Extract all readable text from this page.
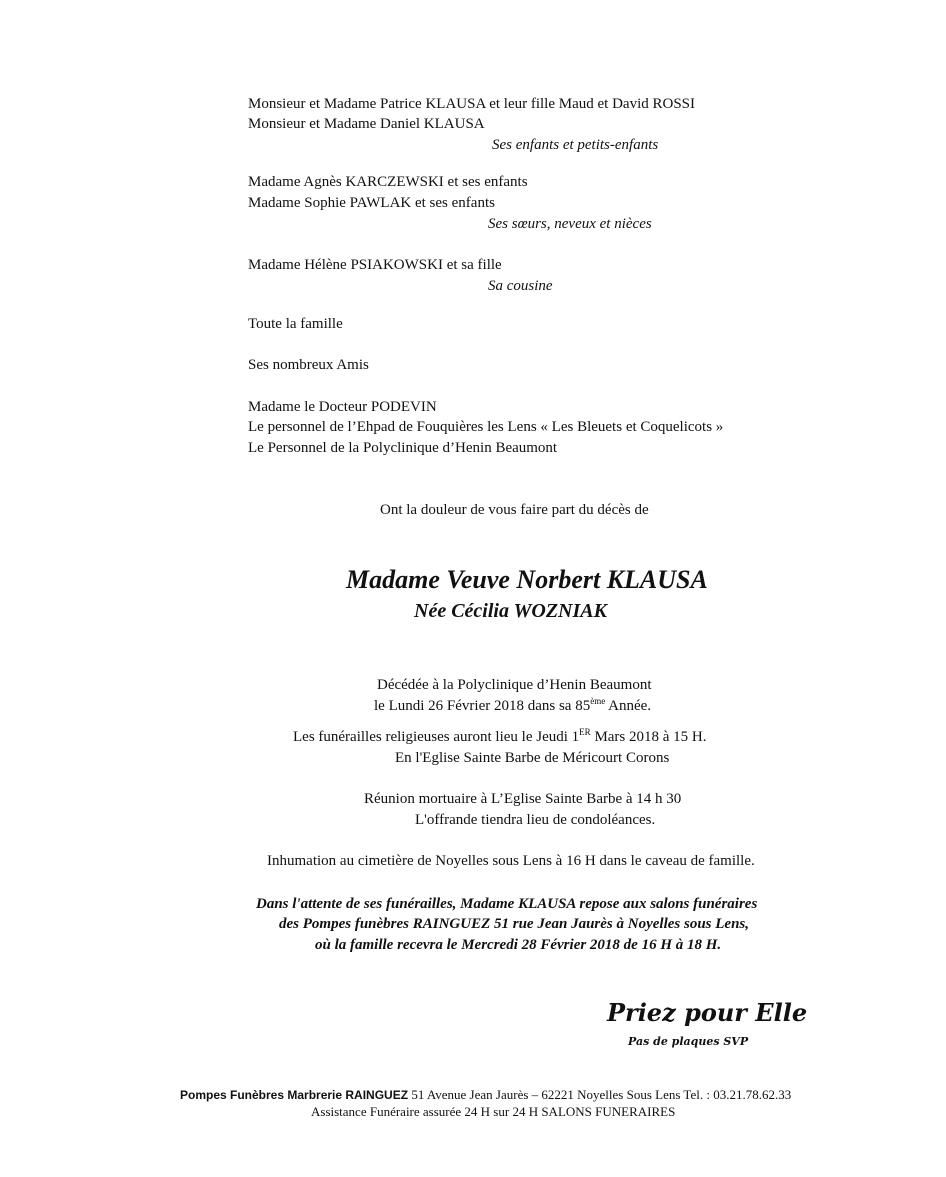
Monsieur et Madame Patrice KLAUSA et leur fille Maud et David ROSSI
Monsieur et Madame Daniel KLAUSA
Ses enfants et petits-enfants
Madame Agnès KARCZEWSKI et ses enfants
Madame Sophie PAWLAK et ses enfants
Ses sœurs, neveux et nièces
Madame Hélène PSIAKOWSKI et sa fille
Sa cousine
Toute la famille
Ses nombreux Amis
Madame le Docteur PODEVIN
Le personnel de l’Ehpad de Fouquières les Lens « Les Bleuets et Coquelicots »
Le Personnel de la Polyclinique d’Henin Beaumont
Ont la douleur de vous faire part du décès de
Madame Veuve Norbert KLAUSA
Née Cécilia WOZNIAK
Décédée à la Polyclinique d’Henin Beaumont
le Lundi 26 Février 2018 dans sa 85ème Année.
Les funérailles religieuses auront lieu le Jeudi 1ER Mars 2018 à 15 H.
En l'Eglise Sainte Barbe de Méricourt Corons
Réunion mortuaire à L’Eglise Sainte Barbe à 14 h 30
L'offrande tiendra lieu de condoléances.
Inhumation au cimetière de Noyelles sous Lens à 16 H dans le caveau de famille.
Dans l'attente de ses funérailles, Madame KLAUSA repose aux salons funéraires
des Pompes funèbres RAINGUEZ 51 rue Jean Jaurès à Noyelles sous Lens,
où la famille recevra le Mercredi 28 Février 2018 de 16 H à 18 H.
Priez pour Elle
Pas de plaques SVP
Pompes Funèbres Marbrerie RAINGUEZ 51 Avenue Jean Jaurès – 62221 Noyelles Sous Lens Tel. : 03.21.78.62.33
Assistance Funéraire assurée 24 H sur 24 H SALONS FUNERAIRES
